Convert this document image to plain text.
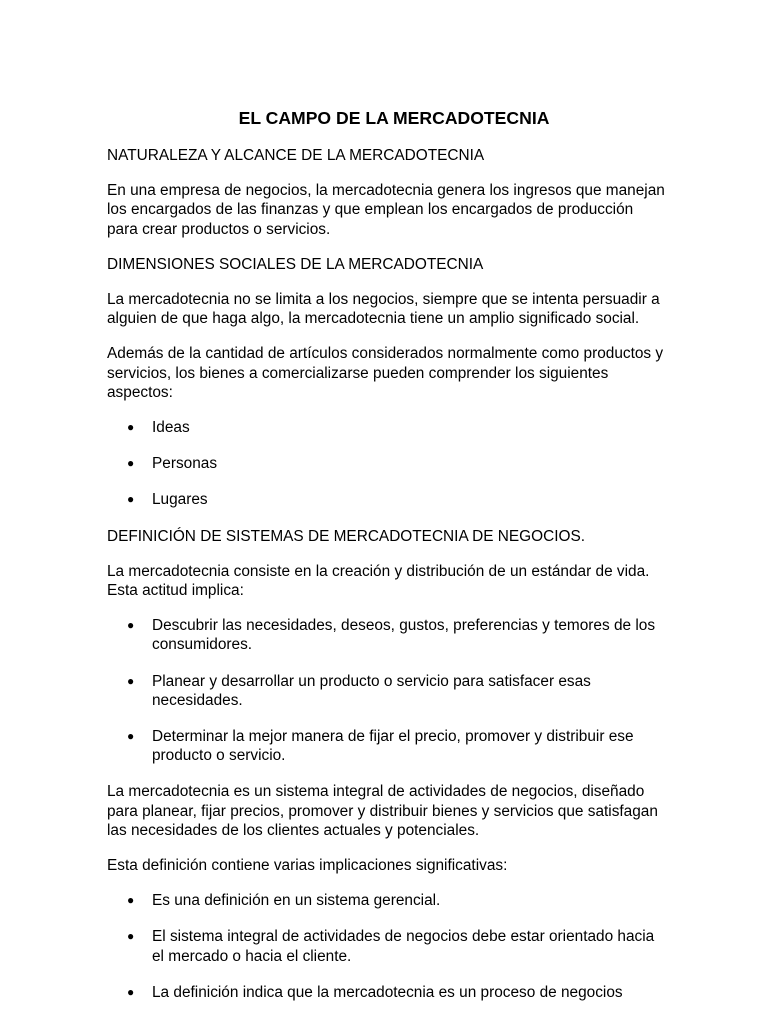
EL CAMPO DE LA MERCADOTECNIA

NATURALEZA Y ALCANCE DE LA MERCADOTECNIA

En una empresa de negocios, la mercadotecnia genera los ingresos que manejan los encargados de las finanzas y que emplean los encargados de producción para crear productos o servicios.

DIMENSIONES SOCIALES DE LA MERCADOTECNIA

La mercadotecnia no se limita a los negocios, siempre que se intenta persuadir a alguien de que haga algo, la mercadotecnia tiene un amplio significado social.

Además de la cantidad de artículos considerados normalmente como productos y servicios, los bienes a comercializarse pueden comprender los siguientes aspectos:

● Ideas
● Personas
● Lugares

DEFINICIÓN DE SISTEMAS DE MERCADOTECNIA DE NEGOCIOS.

La mercadotecnia consiste en la creación y distribución de un estándar de vida. Esta actitud implica:

● Descubrir las necesidades, deseos, gustos, preferencias y temores de los consumidores.
● Planear y desarrollar un producto o servicio para satisfacer esas necesidades.
● Determinar la mejor manera de fijar el precio, promover y distribuir ese producto o servicio.

La mercadotecnia es un sistema integral de actividades de negocios, diseñado para planear, fijar precios, promover y distribuir bienes y servicios que satisfagan las necesidades de los clientes actuales y potenciales.

Esta definición contiene varias implicaciones significativas:

● Es una definición en un sistema gerencial.
● El sistema integral de actividades de negocios debe estar orientado hacia el mercado o hacia el cliente.
● La definición indica que la mercadotecnia es un proceso de negocios
